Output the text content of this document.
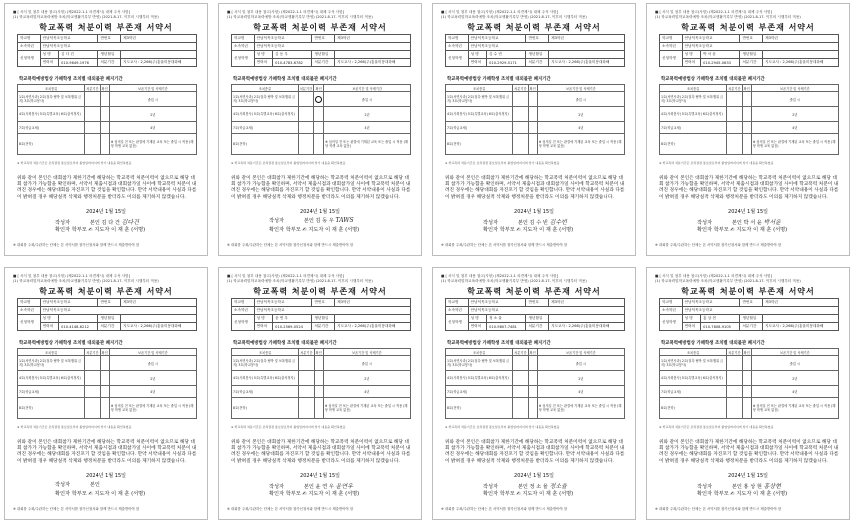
■ [ 서식 및 첨부 내용 참고(사항) (제2022-1-1 의견제시) 대체 주석 사항]
(1) 학교폭력및학교폭력예방 조치(학교생활기록부 반영) (2021.8.17. 이후의 시행부터 적용)
학교폭력 처분이력 부존재 서약서
학교명	안남덕목초등학교		반번호	제3학년
소속학년	안남덕목초등학교			
신청학생	성 명	김 다 건	생년월일	
	연락처	010-9649-1976	처분기간	지도교사 : 2,266(주)홍율미봉대화해
학교폭력예방법상 가해학생 조치별 대외불관 폐지기간
조치종류	처분기간	확인	보존기간 및 삭제기간
1호(서면사과) 2호(접촉·협박 및 보복행위 금지) 3호(학교봉사)			졸업 시
4호(사회봉사) 5호(특별교육) 6호(출석정지)			2년
7호(학급교체)			4년
8호(전학)			※ 심의일 전 또는 판결에 기재된 교육 또는 졸업 시 적용 (해당 학생 교육 없음)
※ 학교폭력 처분기간은 조치결정 통보일로부터 졸업일까지이며 상기 내용을 확인하였음
위와 같이 본인은 대회참가 제한기간에 해당하는 학교폭력 처분이력이 없으므로 해당 대회 참가가 가능함을 확인하며, 서약서 제출시점과 대회참가일 사이에 학교폭력 처분이 내려진 경우에는 해당대회를 자진포기 할 것임을 확인합니다. 만약 서약내용이 사실과 다름이 밝혀질 경우 해당실적 삭제와 행정처분을 받더라도 이의를 제기하지 않겠습니다.
2024년 1월 15일
작성자	본인 김 다 건 김다건
확인자 학부모 ✍ 지도자 이 재 훈 (서명)
※ 대회를 주최/주관하는 단체는 본 서약서를 참가신청서와 함께 반드시 제출받아야 함
■ [ 서식 및 첨부 내용 참고(사항) (제2022-1-1 의견제시) 대체 주석 사항]
(1) 학교폭력및학교폭력예방 조치(학교생활기록부 반영) (2021.8.17. 이후의 시행부터 적용)
학교폭력 처분이력 부존재 서약서
학교명	안남덕목초등학교		반번호	제3학년
소속학년	안남덕목초등학교			
신청학생	성 명	김 동 우	생년월일	
	연락처	010-4783-6782	처분기간	지도교사 : 2,266(주)홍율미봉대화해
학교폭력예방법상 가해학생 조치별 대외불관 폐지기간
조치종류	처분기간	확인	보존기간 및 삭제기간
1호(서면사과) 2호(접촉·협박 및 보복행위 금지) 3호(학교봉사)			졸업 시
4호(사회봉사) 5호(특별교육) 6호(출석정지)			2년
7호(학급교체)			4년
8호(전학)			※ 심의일 전 또는 판결에 기재된 교육 또는 졸업 시 적용 (해당 학생 교육 없음)
※ 학교폭력 처분기간은 조치결정 통보일로부터 졸업일까지이며 상기 내용을 확인하였음
위와 같이 본인은 대회참가 제한기간에 해당하는 학교폭력 처분이력이 없으므로 해당 대회 참가가 가능함을 확인하며, 서약서 제출시점과 대회참가일 사이에 학교폭력 처분이 내려진 경우에는 해당대회를 자진포기 할 것임을 확인합니다. 만약 서약내용이 사실과 다름이 밝혀질 경우 해당실적 삭제와 행정처분을 받더라도 이의를 제기하지 않겠습니다.
2024년 1월 15일
작성자	본인 김 동 우 TAWS
확인자 학부모 ✍ 지도자 이 재 훈 (서명)
※ 대회를 주최/주관하는 단체는 본 서약서를 참가신청서와 함께 반드시 제출받아야 함
■ [ 서식 및 첨부 내용 참고(사항) (제2022-1-1 의견제시) 대체 주석 사항]
(1) 학교폭력및학교폭력예방 조치(학교생활기록부 반영) (2021.8.17. 이후의 시행부터 적용)
학교폭력 처분이력 부존재 서약서
학교명	안남덕목초등학교		반번호	제3학년
소속학년	안남덕목초등학교			
신청학생	성 명	김 수 빈	생년월일	
	연락처	010-2929-5171	처분기간	지도교사 : 2,266(주)홍율미봉대화해
학교폭력예방법상 가해학생 조치별 대외불관 폐지기간
조치종류	처분기간	확인	보존기간 및 삭제기간
1호(서면사과) 2호(접촉·협박 및 보복행위 금지) 3호(학교봉사)			졸업 시
4호(사회봉사) 5호(특별교육) 6호(출석정지)			2년
7호(학급교체)			4년
8호(전학)			※ 심의일 전 또는 판결에 기재된 교육 또는 졸업 시 적용 (해당 학생 교육 없음)
※ 학교폭력 처분기간은 조치결정 통보일로부터 졸업일까지이며 상기 내용을 확인하였음
위와 같이 본인은 대회참가 제한기간에 해당하는 학교폭력 처분이력이 없으므로 해당 대회 참가가 가능함을 확인하며, 서약서 제출시점과 대회참가일 사이에 학교폭력 처분이 내려진 경우에는 해당대회를 자진포기 할 것임을 확인합니다. 만약 서약내용이 사실과 다름이 밝혀질 경우 해당실적 삭제와 행정처분을 받더라도 이의를 제기하지 않겠습니다.
2024년 1월 15일
작성자	본인 김 수 빈 김수빈
확인자 학부모 ✍ 지도자 이 재 훈 (서명)
※ 대회를 주최/주관하는 단체는 본 서약서를 참가신청서와 함께 반드시 제출받아야 함
■ [ 서식 및 첨부 내용 참고(사항) (제2022-1-1 의견제시) 대체 주석 사항]
(1) 학교폭력및학교폭력예방 조치(학교생활기록부 반영) (2021.8.17. 이후의 시행부터 적용)
학교폭력 처분이력 부존재 서약서
학교명	안남덕목초등학교		반번호	제3학년
소속학년	안남덕목초등학교			
신청학생	성 명	박 서 윤	생년월일	
	연락처	010-2945-0633	처분기간	지도교사 : 2,266(주)홍율미봉대화해
학교폭력예방법상 가해학생 조치별 대외불관 폐지기간
조치종류	처분기간	확인	보존기간 및 삭제기간
1호(서면사과) 2호(접촉·협박 및 보복행위 금지) 3호(학교봉사)			졸업 시
4호(사회봉사) 5호(특별교육) 6호(출석정지)			2년
7호(학급교체)			4년
8호(전학)			※ 심의일 전 또는 판결에 기재된 교육 또는 졸업 시 적용 (해당 학생 교육 없음)
※ 학교폭력 처분기간은 조치결정 통보일로부터 졸업일까지이며 상기 내용을 확인하였음
위와 같이 본인은 대회참가 제한기간에 해당하는 학교폭력 처분이력이 없으므로 해당 대회 참가가 가능함을 확인하며, 서약서 제출시점과 대회참가일 사이에 학교폭력 처분이 내려진 경우에는 해당대회를 자진포기 할 것임을 확인합니다. 만약 서약내용이 사실과 다름이 밝혀질 경우 해당실적 삭제와 행정처분을 받더라도 이의를 제기하지 않겠습니다.
2024년 1월 15일
작성자	본인 박 서 윤 박서윤
확인자 학부모 ✍ 지도자 이 재 훈 (서명)
※ 대회를 주최/주관하는 단체는 본 서약서를 참가신청서와 함께 반드시 제출받아야 함
■ [ 서식 및 첨부 내용 참고(사항) (제2022-1-1 의견제시) 대체 주석 사항]
(1) 학교폭력및학교폭력예방 조치(학교생활기록부 반영) (2021.8.17. 이후의 시행부터 적용)
학교폭력 처분이력 부존재 서약서
학교명	안남덕목초등학교		반번호	제3학년
소속학년	안남덕목초등학교			
신청학생	성 명		생년월일	
	연락처	010-4148-6212	처분기간	지도교사 : 2,266(주)홍율미봉대화해
학교폭력예방법상 가해학생 조치별 대외불관 폐지기간
조치종류	처분기간	확인	보존기간 및 삭제기간
1호(서면사과) 2호(접촉·협박 및 보복행위 금지) 3호(학교봉사)			졸업 시
4호(사회봉사) 5호(특별교육) 6호(출석정지)			2년
7호(학급교체)			4년
8호(전학)			※ 심의일 전 또는 판결에 기재된 교육 또는 졸업 시 적용 (해당 학생 교육 없음)
※ 학교폭력 처분기간은 조치결정 통보일로부터 졸업일까지이며 상기 내용을 확인하였음
위와 같이 본인은 대회참가 제한기간에 해당하는 학교폭력 처분이력이 없으므로 해당 대회 참가가 가능함을 확인하며, 서약서 제출시점과 대회참가일 사이에 학교폭력 처분이 내려진 경우에는 해당대회를 자진포기 할 것임을 확인합니다. 만약 서약내용이 사실과 다름이 밝혀질 경우 해당실적 삭제와 행정처분을 받더라도 이의를 제기하지 않겠습니다.
2024년 1월 15일
작성자	본인
확인자 학부모 ✍ 지도자 이 재 훈 (서명)
※ 대회를 주최/주관하는 단체는 본 서약서를 참가신청서와 함께 반드시 제출받아야 함
■ [ 서식 및 첨부 내용 참고(사항) (제2022-1-1 의견제시) 대체 주석 사항]
(1) 학교폭력및학교폭력예방 조치(학교생활기록부 반영) (2021.8.17. 이후의 시행부터 적용)
학교폭력 처분이력 부존재 서약서
학교명	안남덕목초등학교		반번호	제3학년
소속학년	안남덕목초등학교			
신청학생	성 명	윤 연 우	생년월일	
	연락처	010-2569-0524	처분기간	지도교사 : 2,266(주)홍율미봉대화해
학교폭력예방법상 가해학생 조치별 대외불관 폐지기간
조치종류	처분기간	확인	보존기간 및 삭제기간
1호(서면사과) 2호(접촉·협박 및 보복행위 금지) 3호(학교봉사)			졸업 시
4호(사회봉사) 5호(특별교육) 6호(출석정지)			2년
7호(학급교체)			4년
8호(전학)			※ 심의일 전 또는 판결에 기재된 교육 또는 졸업 시 적용 (해당 학생 교육 없음)
※ 학교폭력 처분기간은 조치결정 통보일로부터 졸업일까지이며 상기 내용을 확인하였음
위와 같이 본인은 대회참가 제한기간에 해당하는 학교폭력 처분이력이 없으므로 해당 대회 참가가 가능함을 확인하며, 서약서 제출시점과 대회참가일 사이에 학교폭력 처분이 내려진 경우에는 해당대회를 자진포기 할 것임을 확인합니다. 만약 서약내용이 사실과 다름이 밝혀질 경우 해당실적 삭제와 행정처분을 받더라도 이의를 제기하지 않겠습니다.
2024년 1월 15일
작성자	본인 윤 연 우 윤연우
확인자 학부모 ✍ 지도자 이 재 훈 (서명)
※ 대회를 주최/주관하는 단체는 본 서약서를 참가신청서와 함께 반드시 제출받아야 함
■ [ 서식 및 첨부 내용 참고(사항) (제2022-1-1 의견제시) 대체 주석 사항]
(1) 학교폭력및학교폭력예방 조치(학교생활기록부 반영) (2021.8.17. 이후의 시행부터 적용)
학교폭력 처분이력 부존재 서약서
학교명	안남덕목초등학교		반번호	제3학년
소속학년	안남덕목초등학교			
신청학생	성 명	정 소 율	생년월일	
	연락처	010-9807-7481	처분기간	지도교사 : 2,266(주)홍율미봉대화해
학교폭력예방법상 가해학생 조치별 대외불관 폐지기간
조치종류	처분기간	확인	보존기간 및 삭제기간
1호(서면사과) 2호(접촉·협박 및 보복행위 금지) 3호(학교봉사)			졸업 시
4호(사회봉사) 5호(특별교육) 6호(출석정지)			2년
7호(학급교체)			4년
8호(전학)			※ 심의일 전 또는 판결에 기재된 교육 또는 졸업 시 적용 (해당 학생 교육 없음)
※ 학교폭력 처분기간은 조치결정 통보일로부터 졸업일까지이며 상기 내용을 확인하였음
위와 같이 본인은 대회참가 제한기간에 해당하는 학교폭력 처분이력이 없으므로 해당 대회 참가가 가능함을 확인하며, 서약서 제출시점과 대회참가일 사이에 학교폭력 처분이 내려진 경우에는 해당대회를 자진포기 할 것임을 확인합니다. 만약 서약내용이 사실과 다름이 밝혀질 경우 해당실적 삭제와 행정처분을 받더라도 이의를 제기하지 않겠습니다.
2024년 1월 15일
작성자	본인 정 소 율 정소율
확인자 학부모 ✍ 지도자 이 재 훈 (서명)
※ 대회를 주최/주관하는 단체는 본 서약서를 참가신청서와 함께 반드시 제출받아야 함
■ [ 서식 및 첨부 내용 참고(사항) (제2022-1-1 의견제시) 대체 주석 사항]
(1) 학교폭력및학교폭력예방 조치(학교생활기록부 반영) (2021.8.17. 이후의 시행부터 적용)
학교폭력 처분이력 부존재 서약서
학교명	안남덕목초등학교		반번호	제3학년
소속학년	안남덕목초등학교			
신청학생	성 명	홍 상 현	생년월일	
	연락처	010-7808-9105	처분기간	지도교사 : 2,266(주)홍율미봉대화해
학교폭력예방법상 가해학생 조치별 대외불관 폐지기간
조치종류	처분기간	확인	보존기간 및 삭제기간
1호(서면사과) 2호(접촉·협박 및 보복행위 금지) 3호(학교봉사)			졸업 시
4호(사회봉사) 5호(특별교육) 6호(출석정지)			2년
7호(학급교체)			4년
8호(전학)			※ 심의일 전 또는 판결에 기재된 교육 또는 졸업 시 적용 (해당 학생 교육 없음)
※ 학교폭력 처분기간은 조치결정 통보일로부터 졸업일까지이며 상기 내용을 확인하였음
위와 같이 본인은 대회참가 제한기간에 해당하는 학교폭력 처분이력이 없으므로 해당 대회 참가가 가능함을 확인하며, 서약서 제출시점과 대회참가일 사이에 학교폭력 처분이 내려진 경우에는 해당대회를 자진포기 할 것임을 확인합니다. 만약 서약내용이 사실과 다름이 밝혀질 경우 해당실적 삭제와 행정처분을 받더라도 이의를 제기하지 않겠습니다.
2024년 1월 15일
작성자	본인 홍 상 현 홍상현
확인자 학부모 ✍ 지도자 이 재 훈 (서명)
※ 대회를 주최/주관하는 단체는 본 서약서를 참가신청서와 함께 반드시 제출받아야 함
